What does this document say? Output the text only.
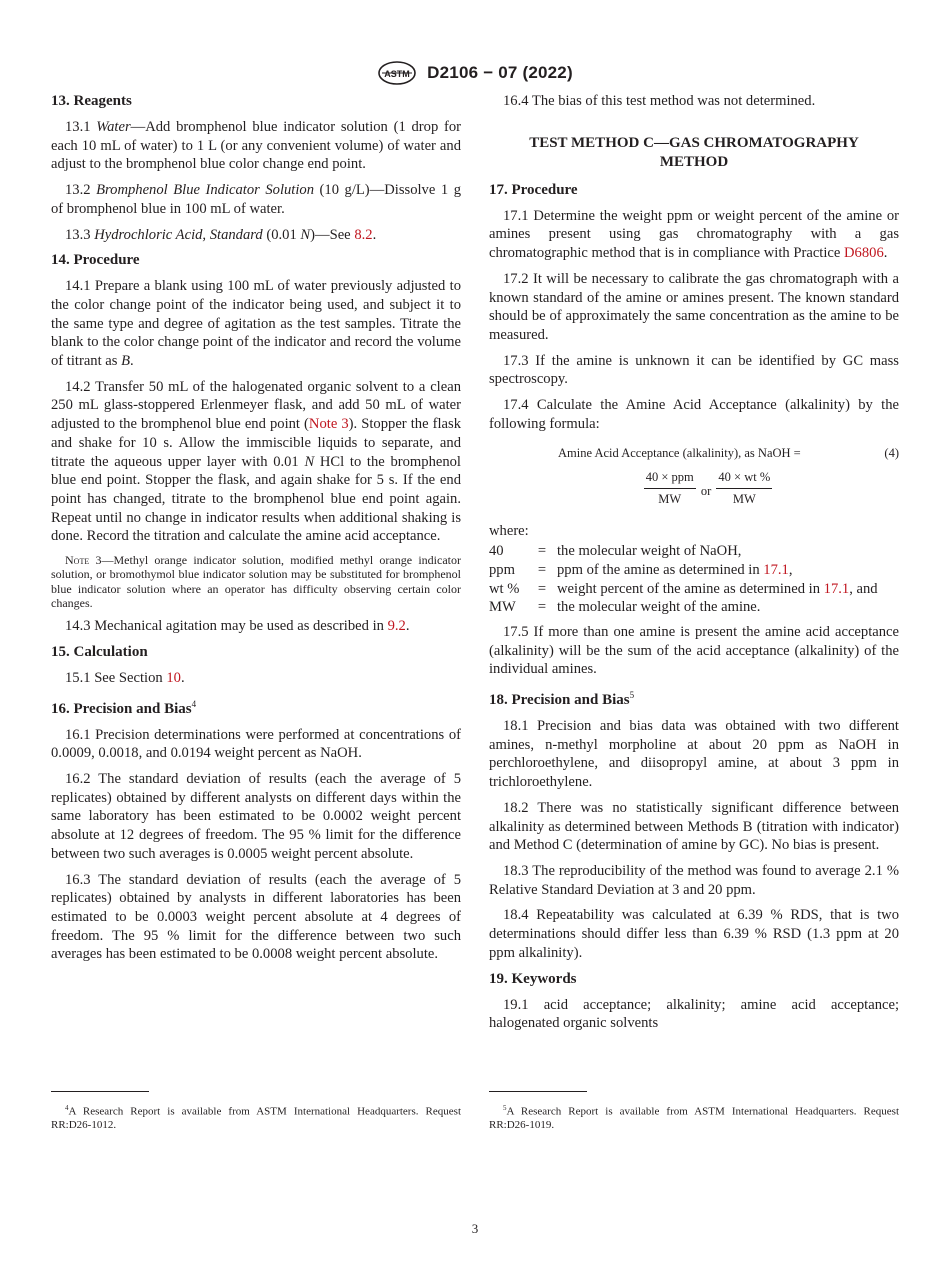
ASTM D2106 − 07 (2022)
13. Reagents

13.1 Water—Add bromphenol blue indicator solution (1 drop for each 10 mL of water) to 1 L (or any convenient volume) of water and adjust to the bromphenol blue color change end point.

13.2 Bromphenol Blue Indicator Solution (10 g/L)—Dissolve 1 g of bromphenol blue in 100 mL of water.

13.3 Hydrochloric Acid, Standard (0.01 N)—See 8.2.

14. Procedure

14.1 Prepare a blank using 100 mL of water previously adjusted to the color change point of the indicator being used, and subject it to the same type and degree of agitation as the test samples. Titrate the blank to the color change point of the indicator and record the volume of titrant as B.

14.2 Transfer 50 mL of the halogenated organic solvent to a clean 250 mL glass-stoppered Erlenmeyer flask, and add 50 mL of water adjusted to the bromphenol blue end point (Note 3). Stopper the flask and shake for 10 s. Allow the immiscible liquids to separate, and titrate the aqueous upper layer with 0.01 N HCl to the bromphenol blue end point. Stopper the flask, and again shake for 5 s. If the end point has changed, titrate to the bromphenol blue end point again. Repeat until no change in indicator results when additional shaking is done. Record the titration and calculate the amine acid acceptance.

Note 3—Methyl orange indicator solution, modified methyl orange indicator solution, or bromothymol blue indicator solution may be substituted for bromphenol blue indicator solution where an operator has difficulty observing certain color changes.

14.3 Mechanical agitation may be used as described in 9.2.

15. Calculation

15.1 See Section 10.

16. Precision and Bias$^4$

16.1 Precision determinations were performed at concentrations of 0.0009, 0.0018, and 0.0194 weight percent as NaOH.

16.2 The standard deviation of results (each the average of 5 replicates) obtained by different analysts on different days within the same laboratory has been estimated to be 0.0002 weight percent absolute at 12 degrees of freedom. The 95 % limit for the difference between two such averages is 0.0005 weight percent absolute.

16.3 The standard deviation of results (each the average of 5 replicates) obtained by analysts in different laboratories has been estimated to be 0.0003 weight percent absolute at 4 degrees of freedom. The 95 % limit for the difference between two such averages has been estimated to be 0.0008 weight percent absolute.

16.4 The bias of this test method was not determined.

TEST METHOD C—GAS CHROMATOGRAPHY
METHOD
17. Procedure

17.1 Determine the weight ppm or weight percent of the amine or amines present using gas chromatography with a gas chromatographic method that is in compliance with Practice D6806.

17.2 It will be necessary to calibrate the gas chromatograph with a known standard of the amine or amines present. The known standard should be of approximately the same concentration as the amine to be measured.

17.3 If the amine is unknown it can be identified by GC mass spectroscopy.

17.4 Calculate the Amine Acid Acceptance (alkalinity) by the following formula:

Amine Acid Acceptance (alkalinity), as NaOH =	(4)
$\frac{\text{40 × ppm}}{MW}$ or $\frac{40 \times wt \%}{MW}$
where:
40	=	the molecular weight of NaOH,
ppm	=	ppm of the amine as determined in 17.1,
wt %	=	weight percent of the amine as determined in 17.1, and
MW	=	the molecular weight of the amine.

17.5 If more than one amine is present the amine acid acceptance (alkalinity) will be the sum of the acid acceptance (alkalinity) of the individual amines.

18. Precision and Bias$^5$

18.1 Precision and bias data was obtained with two different amines, n-methyl morpholine at about 20 ppm as NaOH in perchloroethylene, and diisopropyl amine, at about 3 ppm in trichloroethylene.

18.2 There was no statistically significant difference between alkalinity as determined between Methods B (titration with indicator) and Method C (determination of amine by GC). No bias is present.

18.3 The reproducibility of the method was found to average 2.1 % Relative Standard Deviation at 3 and 20 ppm.

18.4 Repeatability was calculated at 6.39 % RDS, that is two determinations should differ less than 6.39 % RSD (1.3 ppm at 20 ppm alkalinity).

19. Keywords

19.1 acid acceptance; alkalinity; amine acid acceptance; halogenated organic solvents

$^4$A Research Report is available from ASTM International Headquarters. Request RR:D26-1012.
$^5$A Research Report is available from ASTM International Headquarters. Request RR:D26-1019.
3
